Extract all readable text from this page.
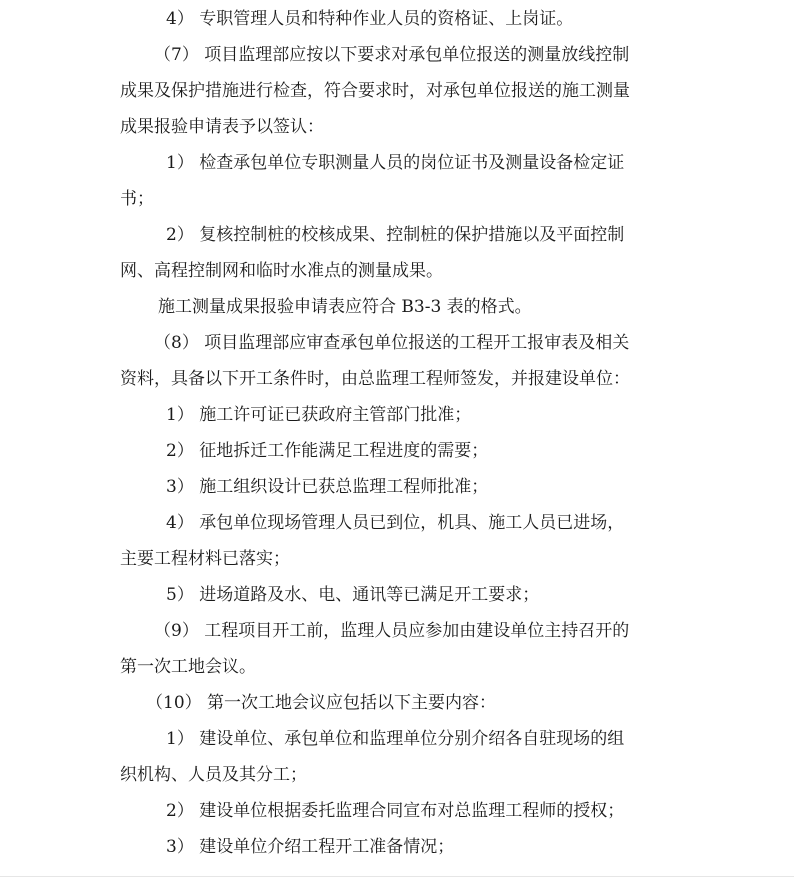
4） 专职管理人员和特种作业人员的资格证、上岗证。
（7） 项目监理部应按以下要求对承包单位报送的测量放线控制
成果及保护措施进行检查，符合要求时，对承包单位报送的施工测量
成果报验申请表予以签认：
1） 检查承包单位专职测量人员的岗位证书及测量设备检定证
书；
2） 复核控制桩的校核成果、控制桩的保护措施以及平面控制
网、高程控制网和临时水准点的测量成果。
施工测量成果报验申请表应符合 B3-3 表的格式。
（8） 项目监理部应审查承包单位报送的工程开工报审表及相关
资料，具备以下开工条件时，由总监理工程师签发，并报建设单位：
1） 施工许可证已获政府主管部门批准；
2） 征地拆迁工作能满足工程进度的需要；
3） 施工组织设计已获总监理工程师批准；
4） 承包单位现场管理人员已到位，机具、施工人员已进场，
主要工程材料已落实；
5） 进场道路及水、电、通讯等已满足开工要求；
（9） 工程项目开工前，监理人员应参加由建设单位主持召开的
第一次工地会议。
（10） 第一次工地会议应包括以下主要内容：
1） 建设单位、承包单位和监理单位分别介绍各自驻现场的组
织机构、人员及其分工；
2） 建设单位根据委托监理合同宣布对总监理工程师的授权；
3） 建设单位介绍工程开工准备情况；
